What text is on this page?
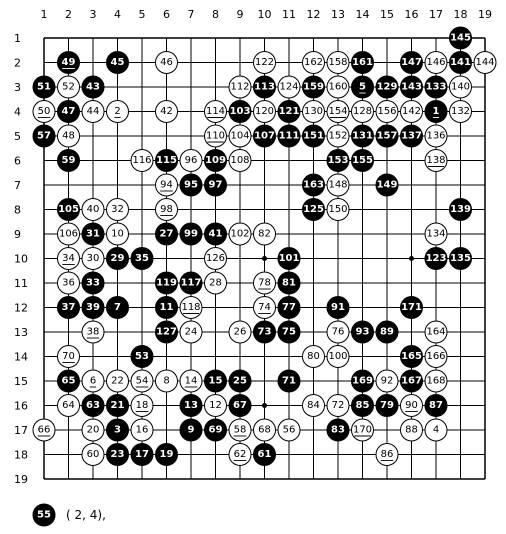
1 2 3 4 5 6 7 8 9 10 11 12 13 14 15 16 17 18 19
1
2
3
4
5
6
7
8
9
10
11
12
13
14
15
16
17
18
19
145
49	45	46	122	162 158 161	147 146 141 144
51 52 43	112 113 124 159 160 5 129 143 133 140
50 47 44 2	42	114 103 120 121 130 154 128 156 142 1 132
57 48	110 104 107 111 151 152 131 157 137 136
59	116 115 96 109 108	153 155	138
94 95 97	163 148	149
105 40 32	98	125 150	139
106 31 10	27 99 41 102 82	134
34 30 29 35	126	101	123 135
36 33	119 117 28	78 81
37 39 7	11 118	74 77	91	171
38	127 24	26 73 75	76 93 89	164
70	53	80 100	165 166
65 6 22 54 8 14 15 25	71	169 92 167 168
64 63 21 18	13 12 67	84 72 85 79 90 87
66	20 3 16	9 69 58 68 56	83 170	88 4
60 23 17 19	62 61	86
55 ( 2, 4),
